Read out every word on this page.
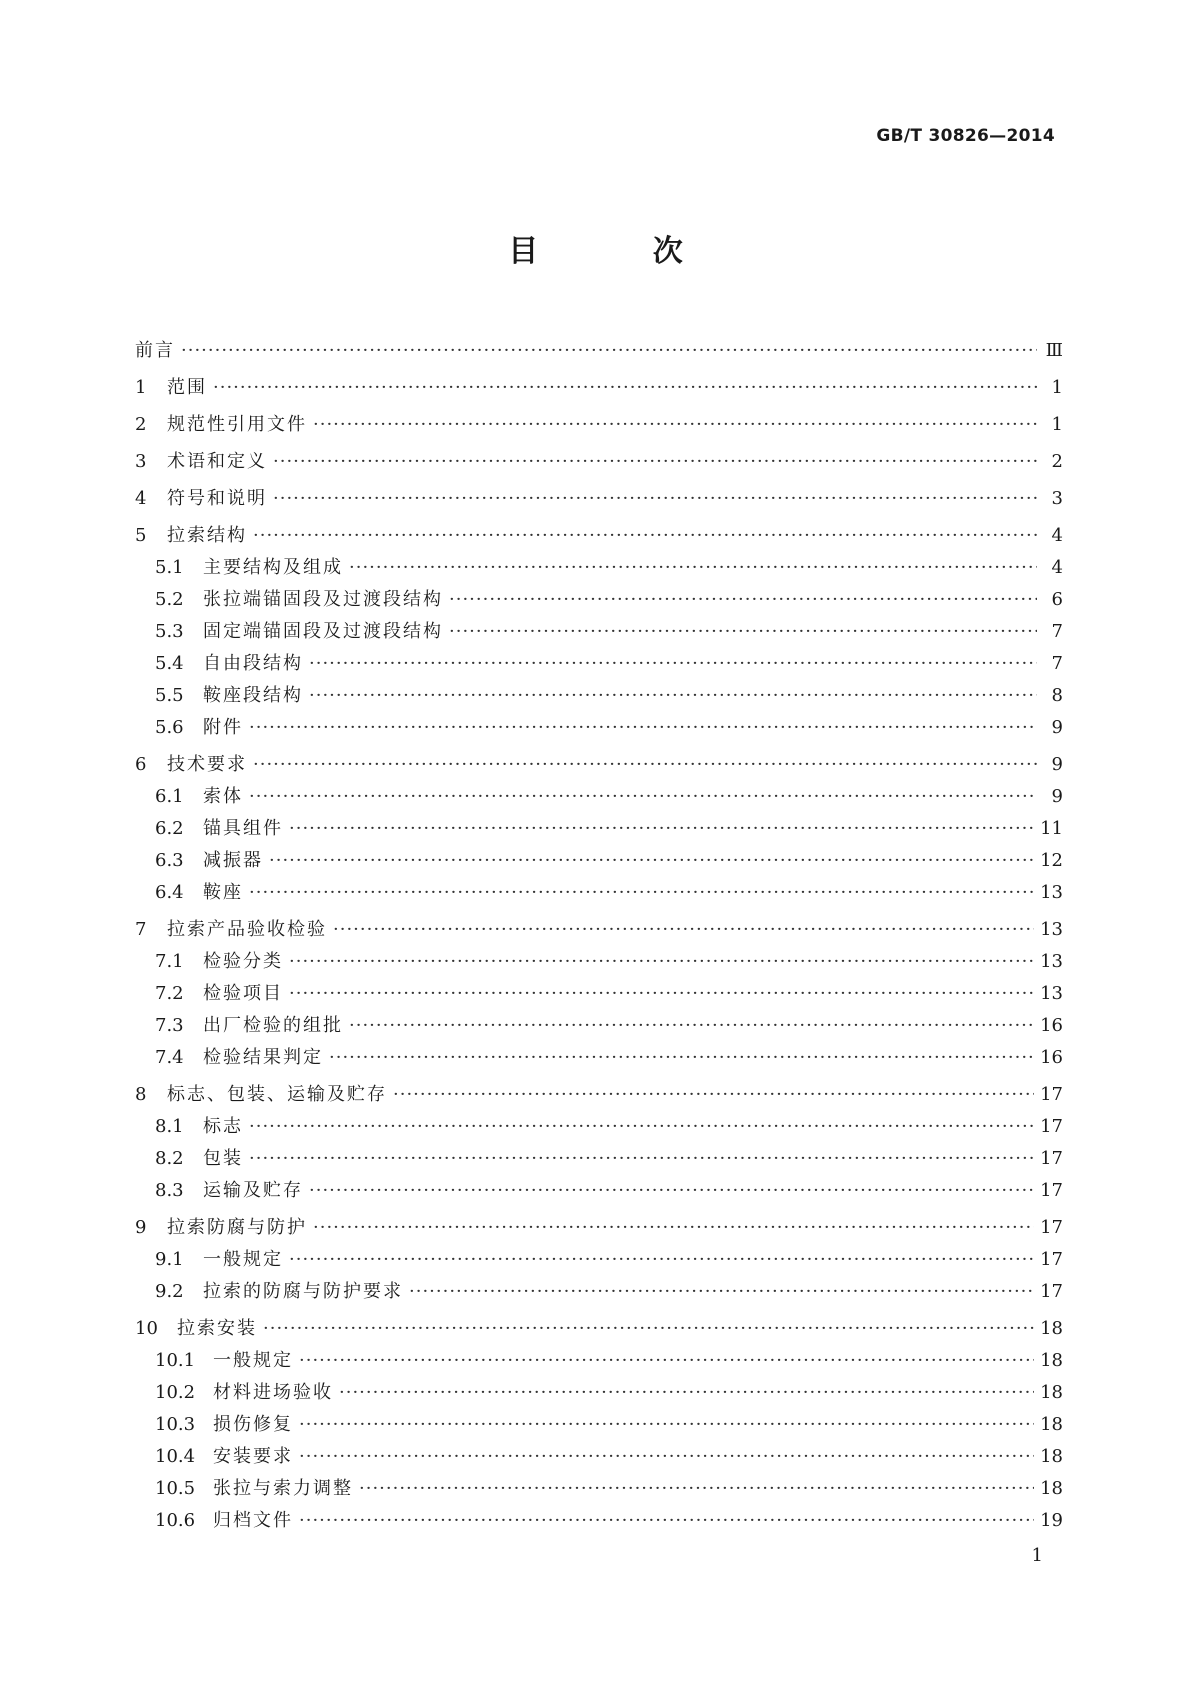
GB/T 30826—2014
目 次
前言 ·····	Ⅲ
1	范围 ·····	1
2	规范性引用文件 ·····	1
3	术语和定义 ·····	2
4	符号和说明 ·····	3
5	拉索结构 ·····	4
5.1	主要结构及组成 ·····	4
5.2	张拉端锚固段及过渡段结构 ·····	6
5.3	固定端锚固段及过渡段结构 ·····	7
5.4	自由段结构 ·····	7
5.5	鞍座段结构 ·····	8
5.6	附件 ·····	9
6	技术要求 ·····	9
6.1	索体 ·····	9
6.2	锚具组件 ·····	11
6.3	减振器 ·····	12
6.4	鞍座 ·····	13
7	拉索产品验收检验 ·····	13
7.1	检验分类 ·····	13
7.2	检验项目 ·····	13
7.3	出厂检验的组批 ·····	16
7.4	检验结果判定 ·····	16
8	标志、包装、运输及贮存 ·····	17
8.1	标志 ·····	17
8.2	包装 ·····	17
8.3	运输及贮存 ·····	17
9	拉索防腐与防护 ·····	17
9.1	一般规定 ·····	17
9.2	拉索的防腐与防护要求 ·····	17
10	拉索安装 ·····	18
10.1 一般规定 ·····	18
10.2 材料进场验收 ·····	18
10.3 损伤修复 ·····	18
10.4 安装要求 ·····	18
10.5 张拉与索力调整 ·····	18
10.6 归档文件 ·····	19
1
